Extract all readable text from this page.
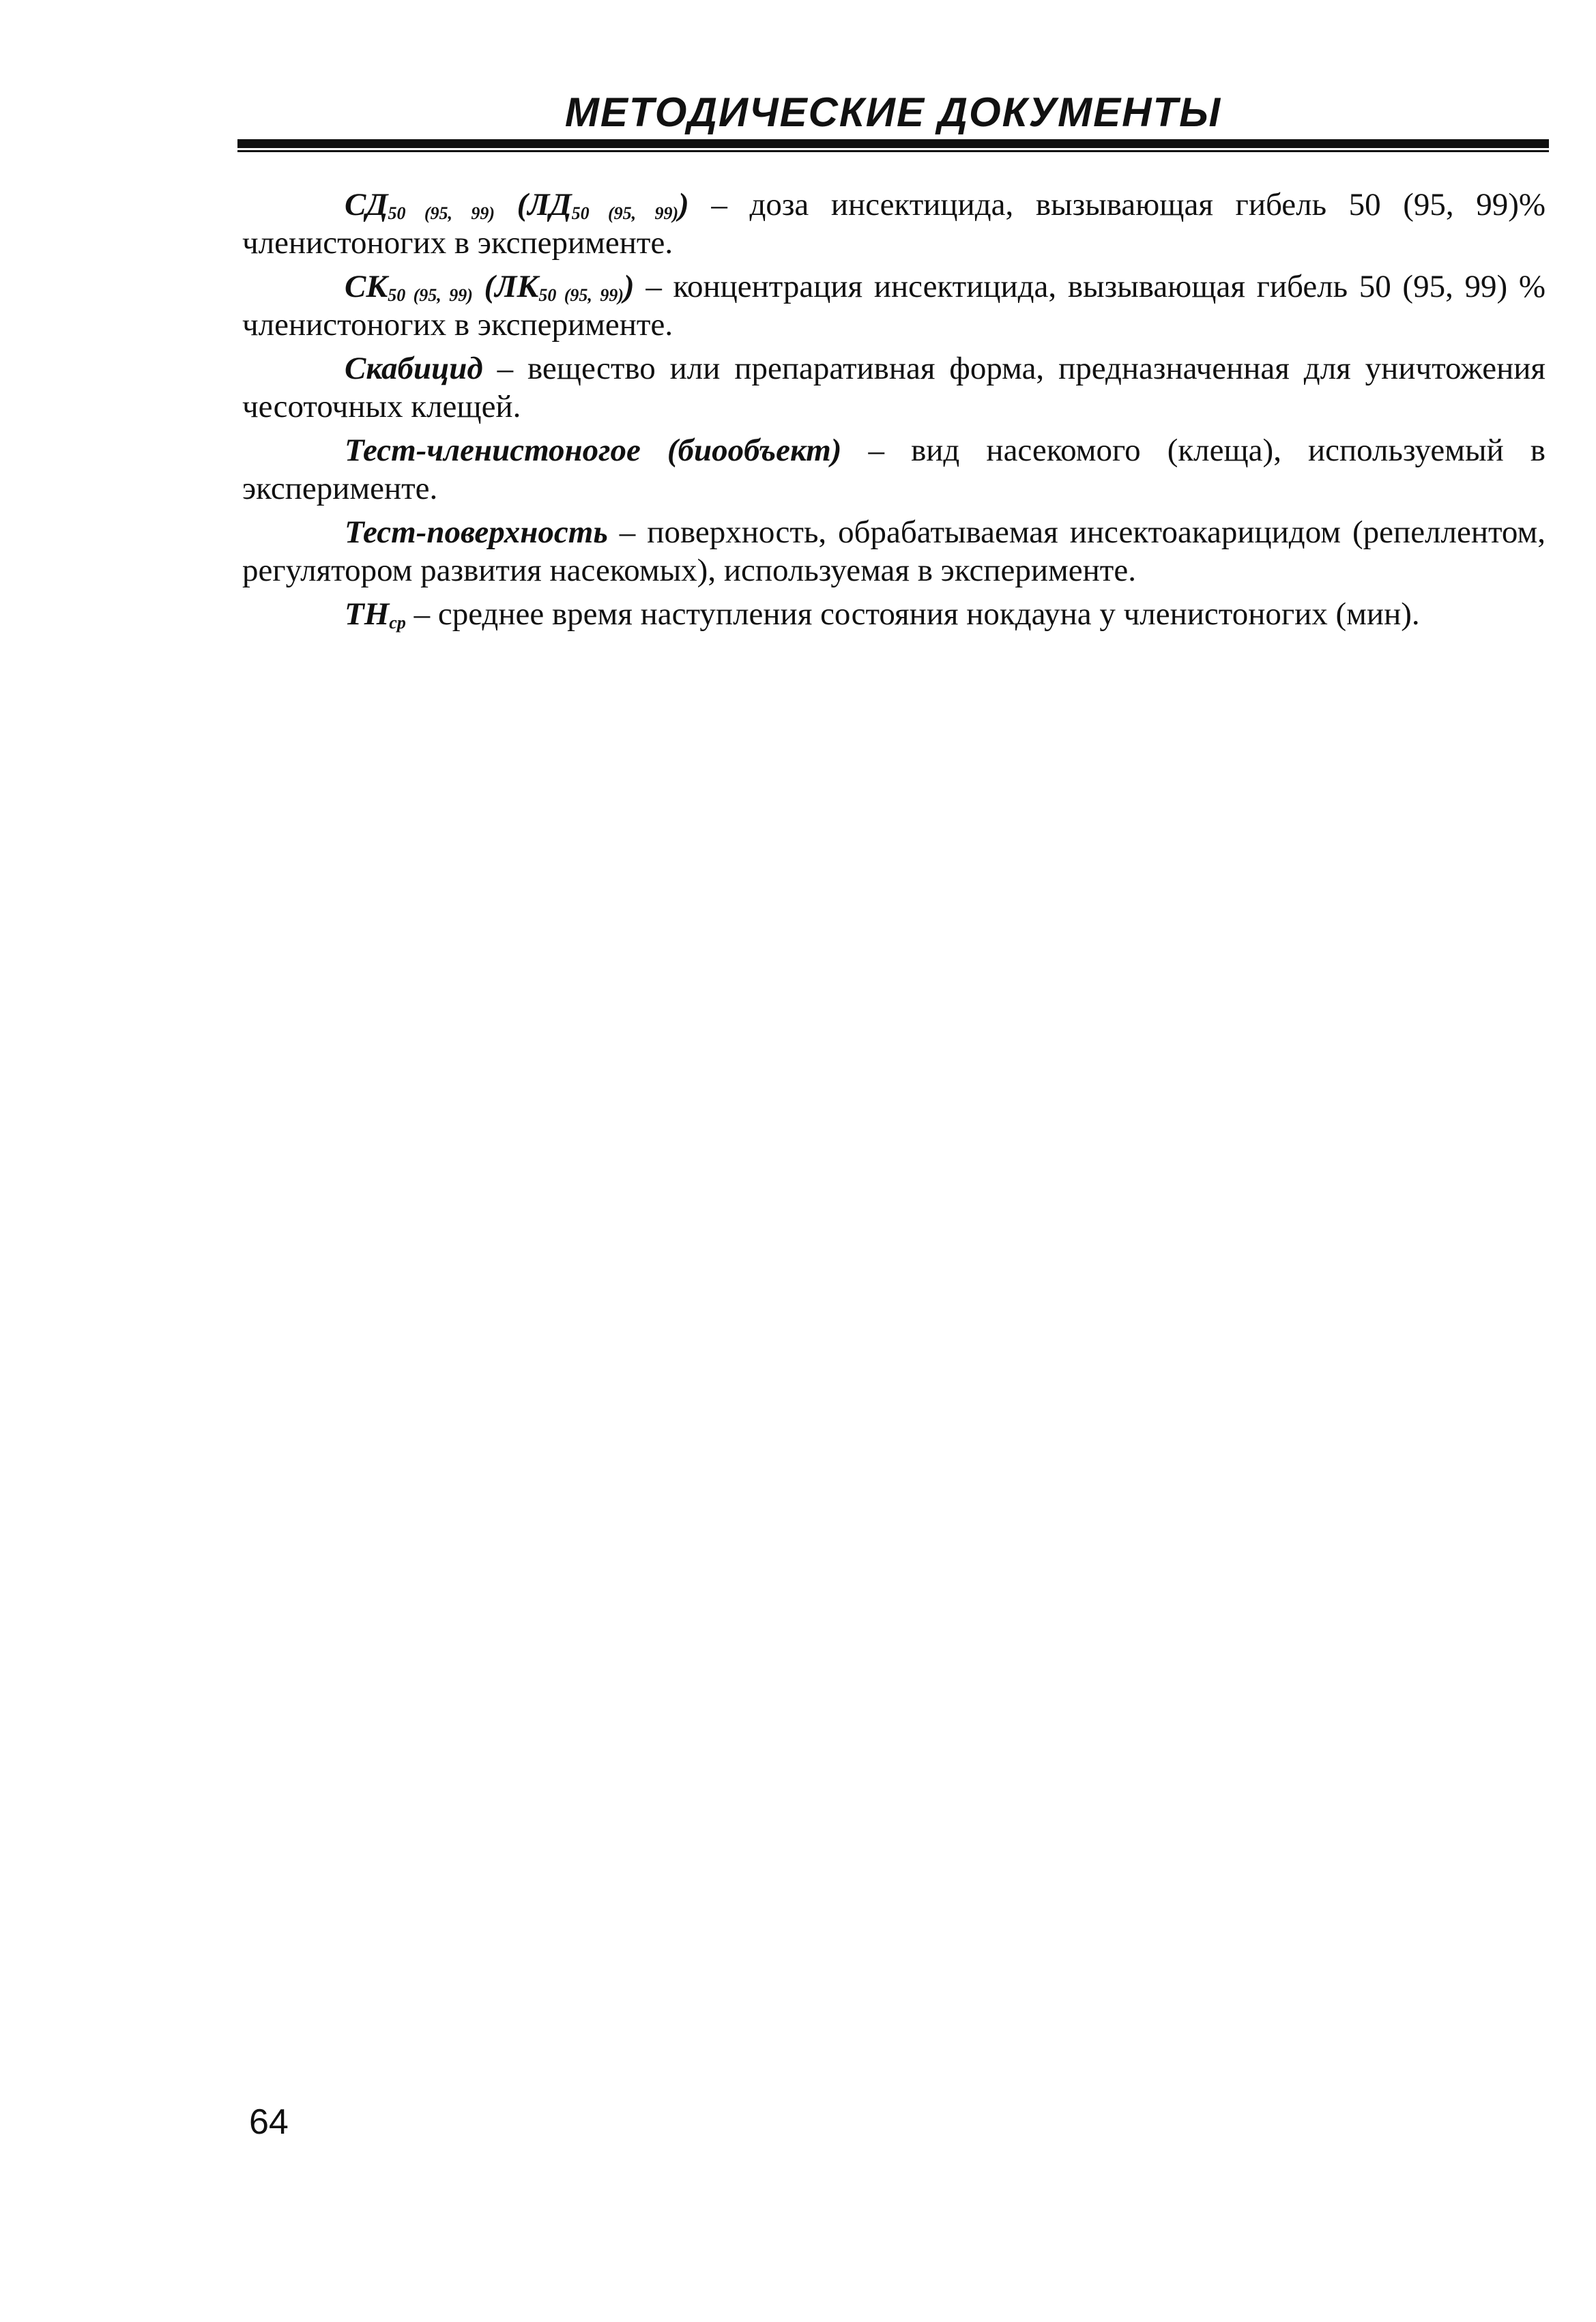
МЕТОДИЧЕСКИЕ ДОКУМЕНТЫ

$СД_{50 (95, 99)}$ $(ЛД_{50 (95, 99)})$ – доза инсектицида, вызывающая гибель 50 (95, 99)% членистоногих в эксперименте.

$СК_{50 (95, 99)}$ $(ЛК_{50 (95, 99)})$ – концентрация инсектицида, вызывающая гибель 50 (95, 99) % членистоногих в эксперименте.

Скабицид – вещество или препаративная форма, предназначенная для уничтожения чесоточных клещей.

Тест-членистоногое (биообъект) – вид насекомого (клеща), используемый в эксперименте.

Тест-поверхность – поверхность, обрабатываемая инсектоакарицидом (репеллентом, регулятором развития насекомых), используемая в эксперименте.

$ТН_{ср}$ – среднее время наступления состояния нокдауна у членистоногих (мин).

64
